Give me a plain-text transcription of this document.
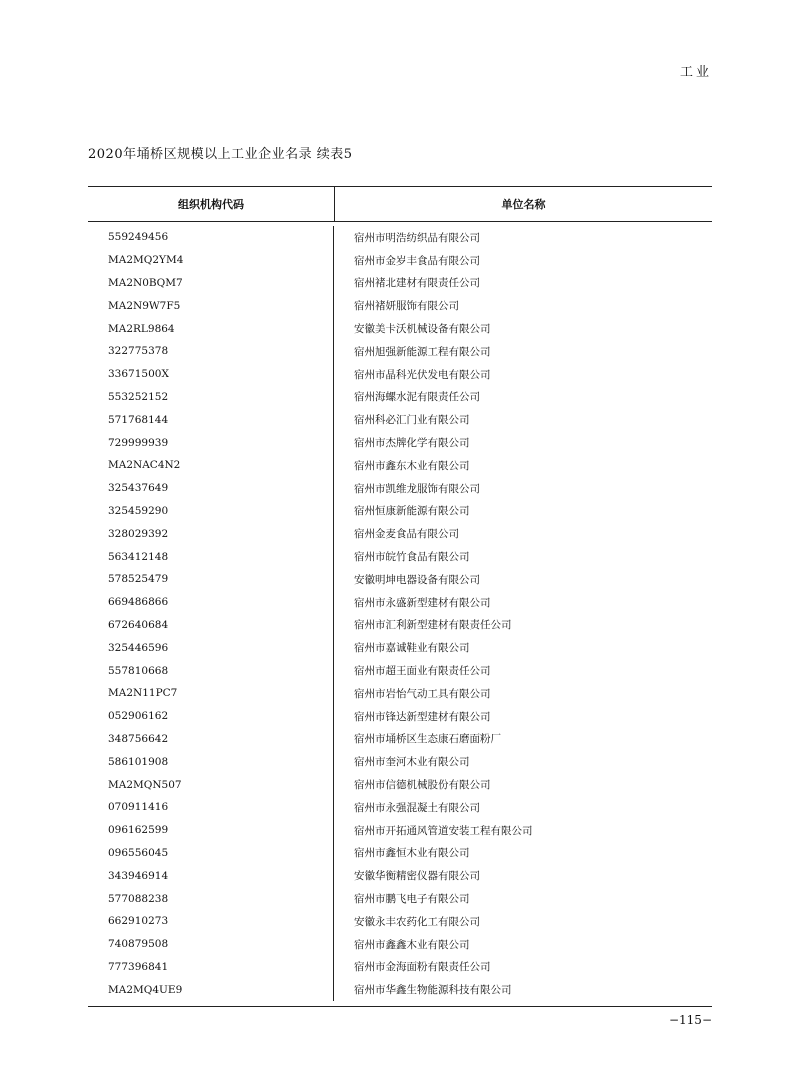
工业
2020年埇桥区规模以上工业企业名录 续表5
组织机构代码	单位名称
559249456	宿州市明浩纺织品有限公司
MA2MQ2YM4	宿州市金岁丰食品有限公司
MA2N0BQM7	宿州褚北建材有限责任公司
MA2N9W7F5	宿州褚妍服饰有限公司
MA2RL9864	安徽美卡沃机械设备有限公司
322775378	宿州旭强新能源工程有限公司
33671500X	宿州市晶科光伏发电有限公司
553252152	宿州海螺水泥有限责任公司
571768144	宿州科必汇门业有限公司
729999939	宿州市杰牌化学有限公司
MA2NAC4N2	宿州市鑫东木业有限公司
325437649	宿州市凯维龙服饰有限公司
325459290	宿州恒康新能源有限公司
328029392	宿州金麦食品有限公司
563412148	宿州市皖竹食品有限公司
578525479	安徽明坤电器设备有限公司
669486866	宿州市永盛新型建材有限公司
672640684	宿州市汇利新型建材有限责任公司
325446596	宿州市嘉诚鞋业有限公司
557810668	宿州市超王面业有限责任公司
MA2N11PC7	宿州市岩怡气动工具有限公司
052906162	宿州市锋达新型建材有限公司
348756642	宿州市埇桥区生态康石磨面粉厂
586101908	宿州市奎河木业有限公司
MA2MQN507	宿州市信德机械股份有限公司
070911416	宿州市永强混凝土有限公司
096162599	宿州市开拓通风管道安装工程有限公司
096556045	宿州市鑫恒木业有限公司
343946914	安徽华衡精密仪器有限公司
577088238	宿州市鹏飞电子有限公司
662910273	安徽永丰农药化工有限公司
740879508	宿州市鑫鑫木业有限公司
777396841	宿州市金海面粉有限责任公司
MA2MQ4UE9	宿州市华鑫生物能源科技有限公司
−115−
